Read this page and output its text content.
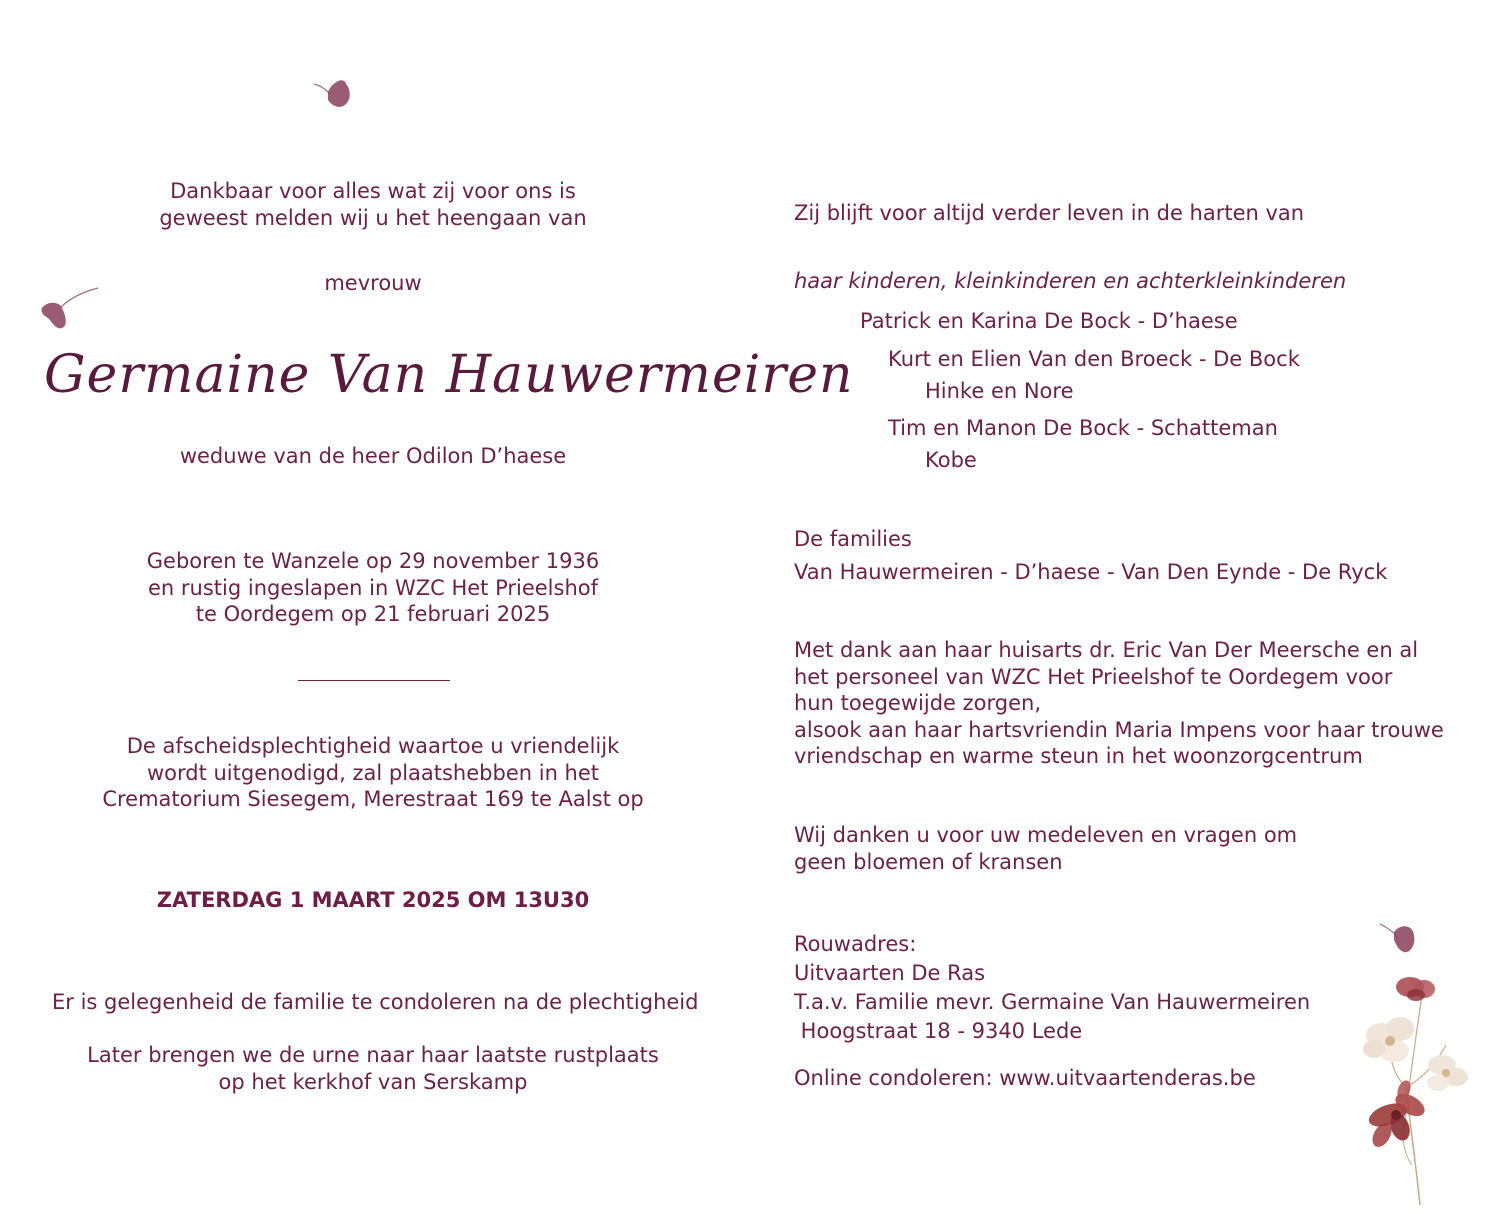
Dankbaar voor alles wat zij voor ons is
geweest melden wij u het heengaan van
mevrouw
Germaine Van Hauwermeiren
weduwe van de heer Odilon D’haese
Geboren te Wanzele op 29 november 1936
en rustig ingeslapen in WZC Het Prieelshof
te Oordegem op 21 februari 2025
De afscheidsplechtigheid waartoe u vriendelijk
wordt uitgenodigd, zal plaatshebben in het
Crematorium Siesegem, Merestraat 169 te Aalst op
ZATERDAG 1 MAART 2025 OM 13U30
Er is gelegenheid de familie te condoleren na de plechtigheid
Later brengen we de urne naar haar laatste rustplaats
op het kerkhof van Serskamp
Zij blijft voor altijd verder leven in de harten van
haar kinderen, kleinkinderen en achterkleinkinderen
Patrick en Karina De Bock - D’haese
Kurt en Elien Van den Broeck - De Bock
Hinke en Nore
Tim en Manon De Bock - Schatteman
Kobe
De families
Van Hauwermeiren - D’haese - Van Den Eynde - De Ryck
Met dank aan haar huisarts dr. Eric Van Der Meersche en al
het personeel van WZC Het Prieelshof te Oordegem voor
hun toegewijde zorgen,
alsook aan haar hartsvriendin Maria Impens voor haar trouwe
vriendschap en warme steun in het woonzorgcentrum
Wij danken u voor uw medeleven en vragen om
geen bloemen of kransen
Rouwadres:
Uitvaarten De Ras
T.a.v. Familie mevr. Germaine Van Hauwermeiren
Hoogstraat 18 - 9340 Lede
Online condoleren: www.uitvaartenderas.be
